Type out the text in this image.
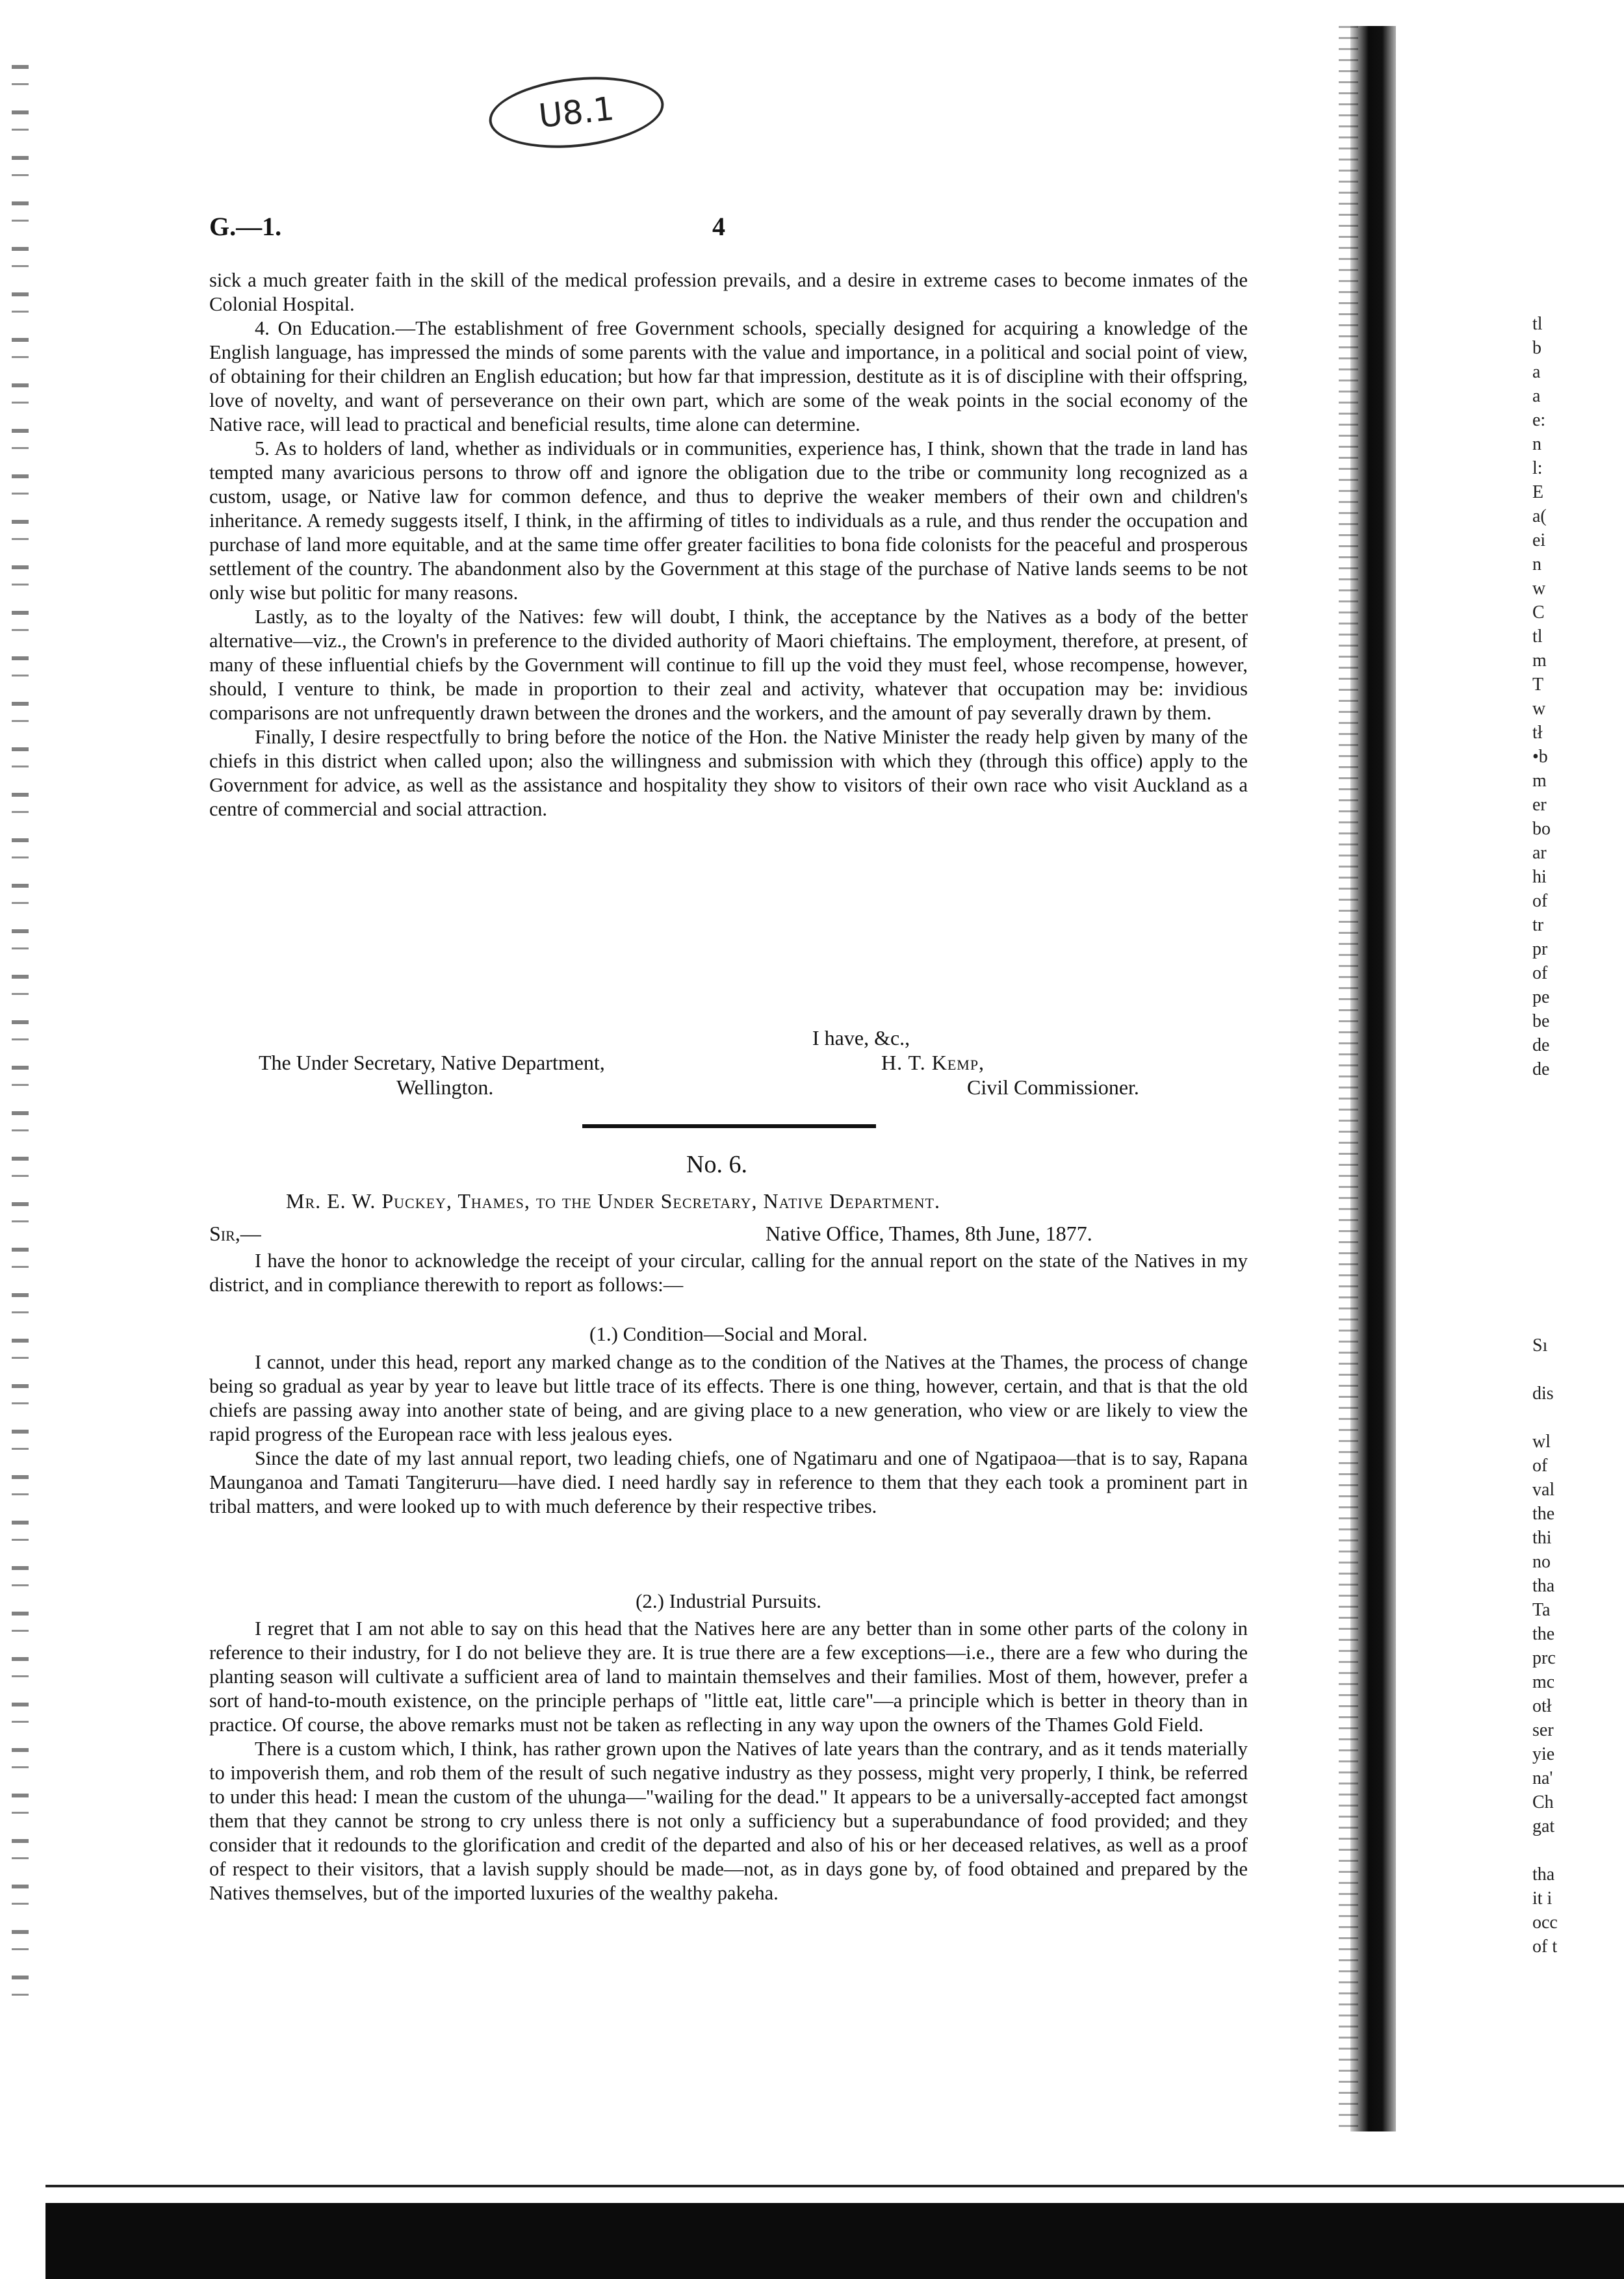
U8.1
G.—1.	4

sick a much greater faith in the skill of the medical profession prevails, and a desire in extreme cases to become inmates of the Colonial Hospital.

4. On Education.—The establishment of free Government schools, specially designed for acquiring a knowledge of the English language, has impressed the minds of some parents with the value and importance, in a political and social point of view, of obtaining for their children an English education; but how far that impression, destitute as it is of discipline with their offspring, love of novelty, and want of perseverance on their own part, which are some of the weak points in the social economy of the Native race, will lead to practical and beneficial results, time alone can determine.

5. As to holders of land, whether as individuals or in communities, experience has, I think, shown that the trade in land has tempted many avaricious persons to throw off and ignore the obligation due to the tribe or community long recognized as a custom, usage, or Native law for common defence, and thus to deprive the weaker members of their own and children's inheritance. A remedy suggests itself, I think, in the affirming of titles to individuals as a rule, and thus render the occupation and purchase of land more equitable, and at the same time offer greater facilities to bona fide colonists for the peaceful and prosperous settlement of the country. The abandonment also by the Government at this stage of the purchase of Native lands seems to be not only wise but politic for many reasons.

Lastly, as to the loyalty of the Natives: few will doubt, I think, the acceptance by the Natives as a body of the better alternative—viz., the Crown's in preference to the divided authority of Maori chieftains. The employment, therefore, at present, of many of these influential chiefs by the Government will continue to fill up the void they must feel, whose recompense, however, should, I venture to think, be made in proportion to their zeal and activity, whatever that occupation may be: invidious comparisons are not unfrequently drawn between the drones and the workers, and the amount of pay severally drawn by them.

Finally, I desire respectfully to bring before the notice of the Hon. the Native Minister the ready help given by many of the chiefs in this district when called upon; also the willingness and submission with which they (through this office) apply to the Government for advice, as well as the assistance and hospitality they show to visitors of their own race who visit Auckland as a centre of commercial and social attraction.

I have, &c.,
The Under Secretary, Native Department,
Wellington.
H. T. Kemp,
Civil Commissioner.
No. 6.
Mr. E. W. Puckey, Thames, to the Under Secretary, Native Department.
Sir,—	Native Office, Thames, 8th June, 1877.

I have the honor to acknowledge the receipt of your circular, calling for the annual report on the state of the Natives in my district, and in compliance therewith to report as follows:—

(1.) Condition—Social and Moral.

I cannot, under this head, report any marked change as to the condition of the Natives at the Thames, the process of change being so gradual as year by year to leave but little trace of its effects. There is one thing, however, certain, and that is that the old chiefs are passing away into another state of being, and are giving place to a new generation, who view or are likely to view the rapid progress of the European race with less jealous eyes.

Since the date of my last annual report, two leading chiefs, one of Ngatimaru and one of Ngatipaoa—that is to say, Rapana Maunganoa and Tamati Tangiteruru—have died. I need hardly say in reference to them that they each took a prominent part in tribal matters, and were looked up to with much deference by their respective tribes.

(2.) Industrial Pursuits.

I regret that I am not able to say on this head that the Natives here are any better than in some other parts of the colony in reference to their industry, for I do not believe they are. It is true there are a few exceptions—i.e., there are a few who during the planting season will cultivate a sufficient area of land to maintain themselves and their families. Most of them, however, prefer a sort of hand-to-mouth existence, on the principle perhaps of "little eat, little care"—a principle which is better in theory than in practice. Of course, the above remarks must not be taken as reflecting in any way upon the owners of the Thames Gold Field.

There is a custom which, I think, has rather grown upon the Natives of late years than the contrary, and as it tends materially to impoverish them, and rob them of the result of such negative industry as they possess, might very properly, I think, be referred to under this head: I mean the custom of the uhunga—"wailing for the dead." It appears to be a universally-accepted fact amongst them that they cannot be strong to cry unless there is not only a sufficiency but a superabundance of food provided; and they consider that it redounds to the glorification and credit of the departed and also of his or her deceased relatives, as well as a proof of respect to their visitors, that a lavish supply should be made—not, as in days gone by, of food obtained and prepared by the Natives themselves, but of the imported luxuries of the wealthy pakeha.

tl
b
a
a
e:
n
l:
E
a(
ei
n
w
C
tl
m
T
w
tł
•b
m
er
bo
ar
hi
of
tr
pr
of
pe
be
de
de
Sı

dis

wl
of
val
the
thi
no
tha
Ta
the
prc
mc
otł
ser
yie
na'
Ch
gat

tha
it i
occ
of t
